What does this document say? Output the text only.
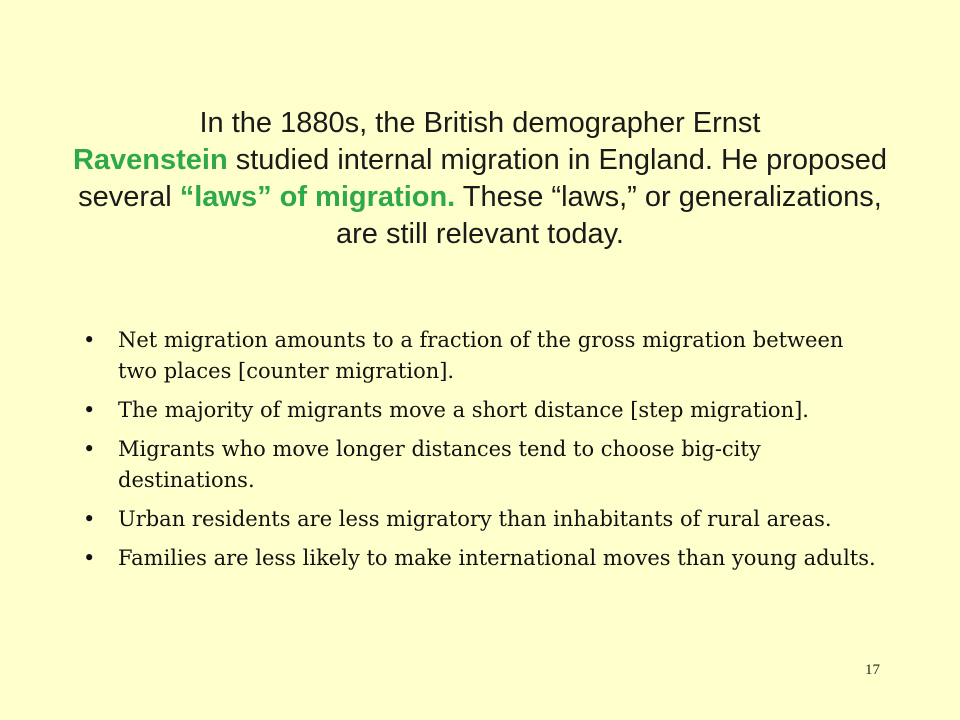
In the 1880s, the British demographer Ernst
Ravenstein studied internal migration in England. He proposed several “laws” of migration. These “laws,” or generalizations, are still relevant today.
• Net migration amounts to a fraction of the gross migration between two places [counter migration].
• The majority of migrants move a short distance [step migration].
• Migrants who move longer distances tend to choose big-city destinations.
• Urban residents are less migratory than inhabitants of rural areas.
• Families are less likely to make international moves than young adults.
17
